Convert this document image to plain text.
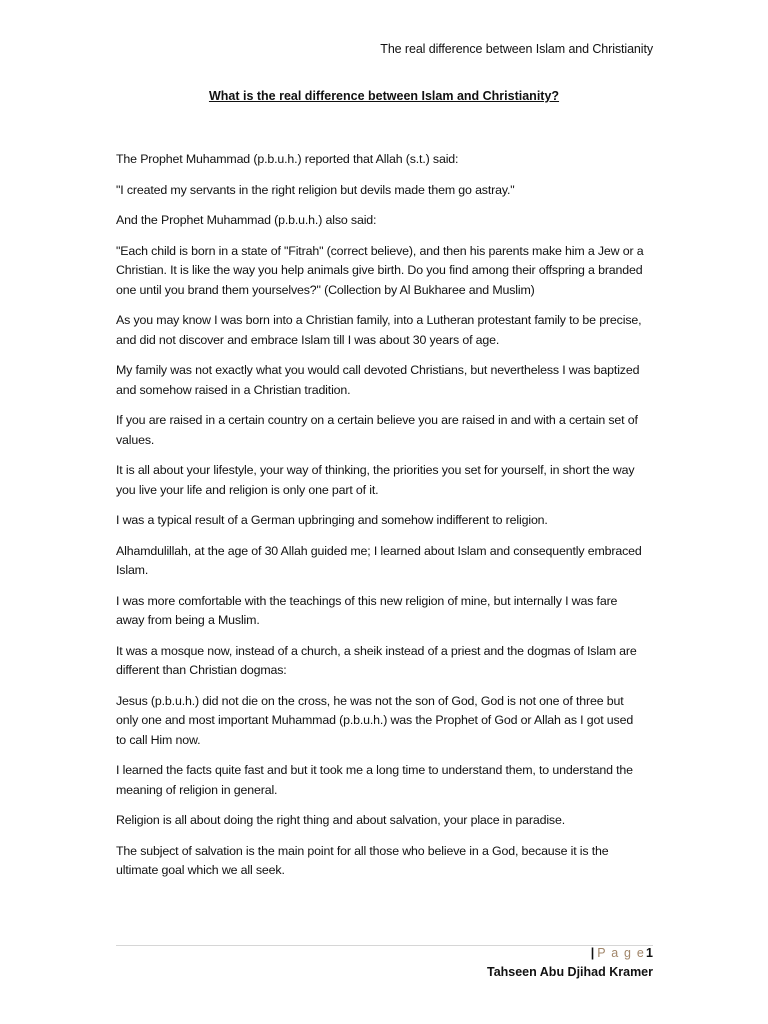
The real difference between Islam and Christianity
What is the real difference between Islam and Christianity?

The Prophet Muhammad (p.b.u.h.) reported that Allah (s.t.) said:

"I created my servants in the right religion but devils made them go astray."

And the Prophet Muhammad (p.b.u.h.) also said:

"Each child is born in a state of "Fitrah" (correct believe), and then his parents make him a Jew or a Christian. It is like the way you help animals give birth. Do you find among their offspring a branded one until you brand them yourselves?" (Collection by Al Bukharee and Muslim)

As you may know I was born into a Christian family, into a Lutheran protestant family to be precise, and did not discover and embrace Islam till I was about 30 years of age.

My family was not exactly what you would call devoted Christians, but nevertheless I was baptized and somehow raised in a Christian tradition.

If you are raised in a certain country on a certain believe you are raised in and with a certain set of values.

It is all about your lifestyle, your way of thinking, the priorities you set for yourself, in short the way you live your life and religion is only one part of it.

I was a typical result of a German upbringing and somehow indifferent to religion.

Alhamdulillah, at the age of 30 Allah guided me; I learned about Islam and consequently embraced Islam.

I was more comfortable with the teachings of this new religion of mine, but internally I was fare away from being a Muslim.

It was a mosque now, instead of a church, a sheik instead of a priest and the dogmas of Islam are different than Christian dogmas:

Jesus (p.b.u.h.) did not die on the cross, he was not the son of God, God is not one of three but only one and most important Muhammad (p.b.u.h.) was the Prophet of God or Allah as I got used to call Him now.

I learned the facts quite fast and but it took me a long time to understand them, to understand the meaning of religion in general.

Religion is all about doing the right thing and about salvation, your place in paradise.

The subject of salvation is the main point for all those who believe in a God, because it is the ultimate goal which we all seek.

| P a g e1
Tahseen Abu Djihad Kramer
